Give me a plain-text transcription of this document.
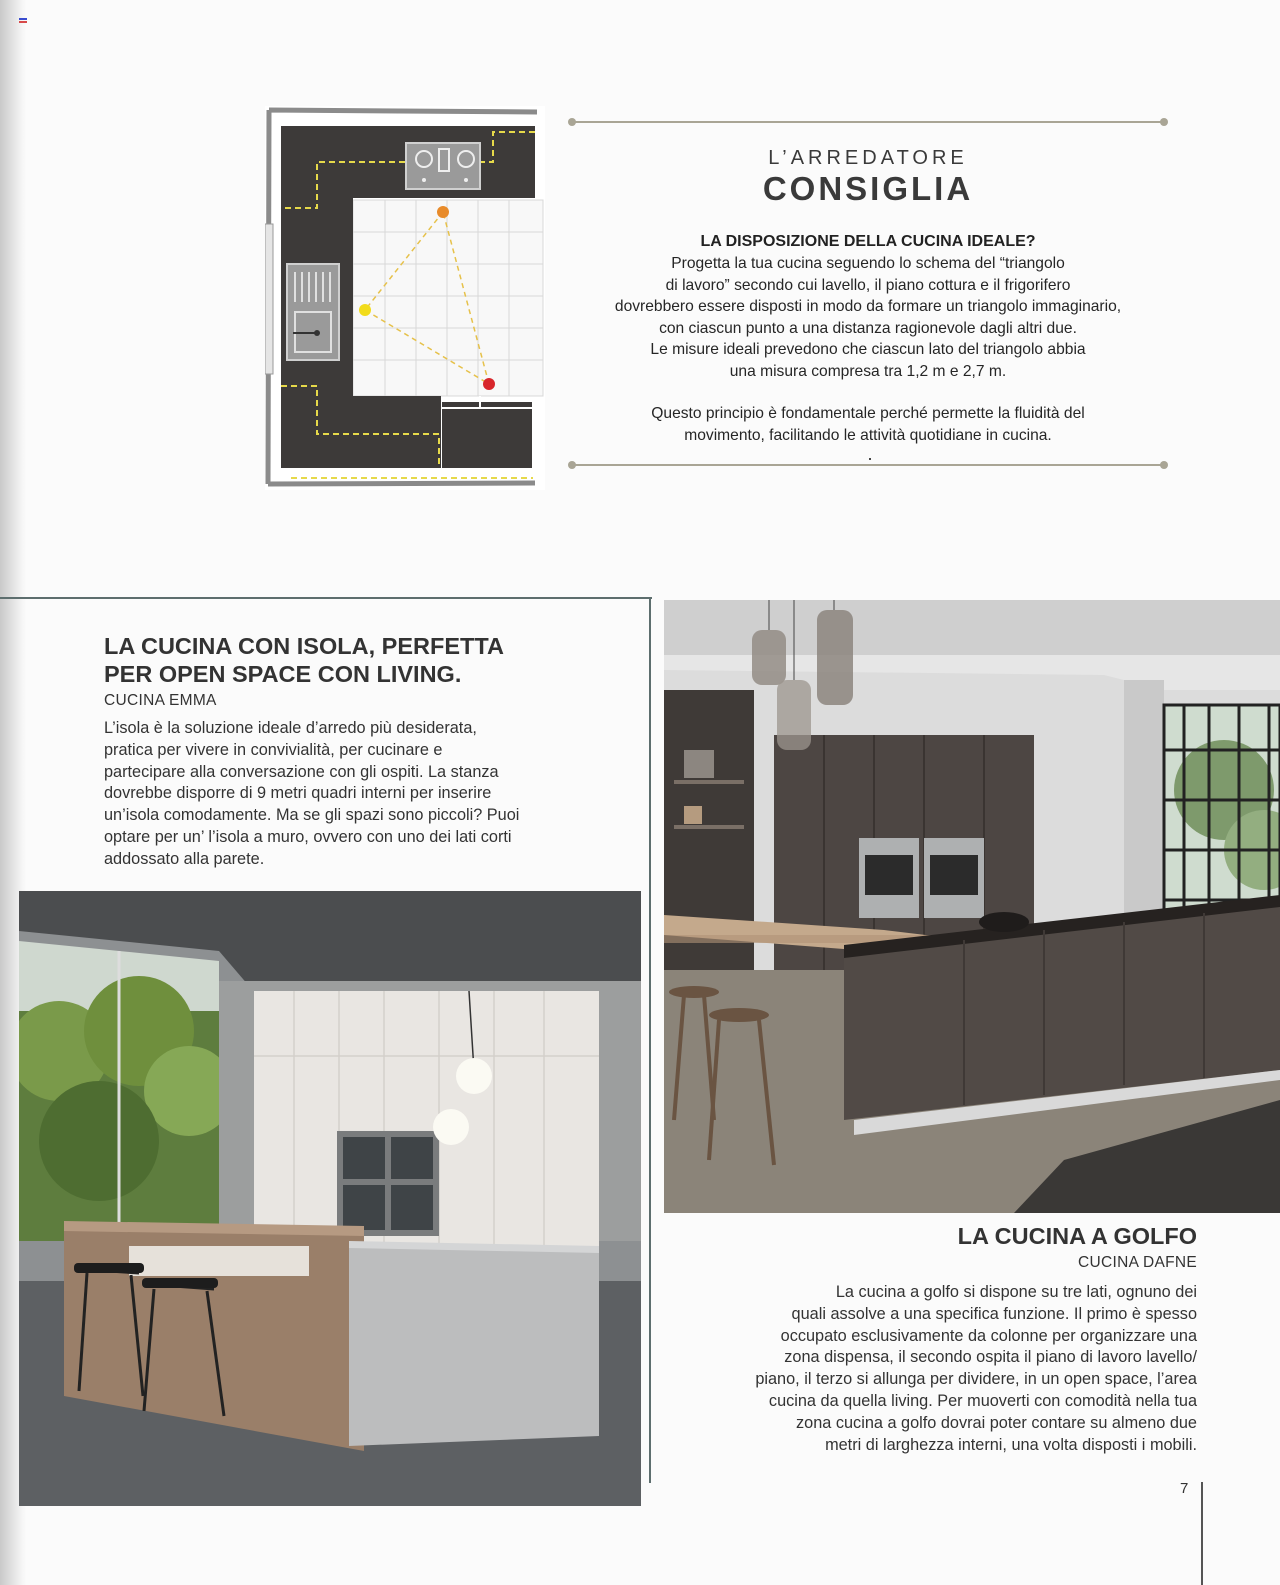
L’ARREDATORE
CONSIGLIA
LA DISPOSIZIONE DELLA CUCINA IDEALE?

Progetta la tua cucina seguendo lo schema del “triangolo
di lavoro” secondo cui lavello, il piano cottura e il frigorifero
dovrebbero essere disposti in modo da formare un triangolo immaginario,
con ciascun punto a una distanza ragionevole dagli altri due.
Le misure ideali prevedono che ciascun lato del triangolo abbia
una misura compresa tra 1,2 m e 2,7 m.

Questo principio è fondamentale perché permette la fluidità del
movimento, facilitando le attività quotidiane in cucina.

LA CUCINA CON ISOLA, PERFETTA
PER OPEN SPACE CON LIVING.
CUCINA EMMA

L’isola è la soluzione ideale d’arredo più desiderata,
pratica per vivere in convivialità, per cucinare e
partecipare alla conversazione con gli ospiti. La stanza
dovrebbe disporre di 9 metri quadri interni per inserire
un’isola comodamente. Ma se gli spazi sono piccoli? Puoi
optare per un’ l’isola a muro, ovvero con uno dei lati corti
addossato alla parete.

LA CUCINA A GOLFO
CUCINA DAFNE

La cucina a golfo si dispone su tre lati, ognuno dei
quali assolve a una specifica funzione. Il primo è spesso
occupato esclusivamente da colonne per organizzare una
zona dispensa, il secondo ospita il piano di lavoro lavello/
piano, il terzo si allunga per dividere, in un open space, l’area
cucina da quella living. Per muoverti con comodità nella tua
zona cucina a golfo dovrai poter contare su almeno due
metri di larghezza interni, una volta disposti i mobili.

7
